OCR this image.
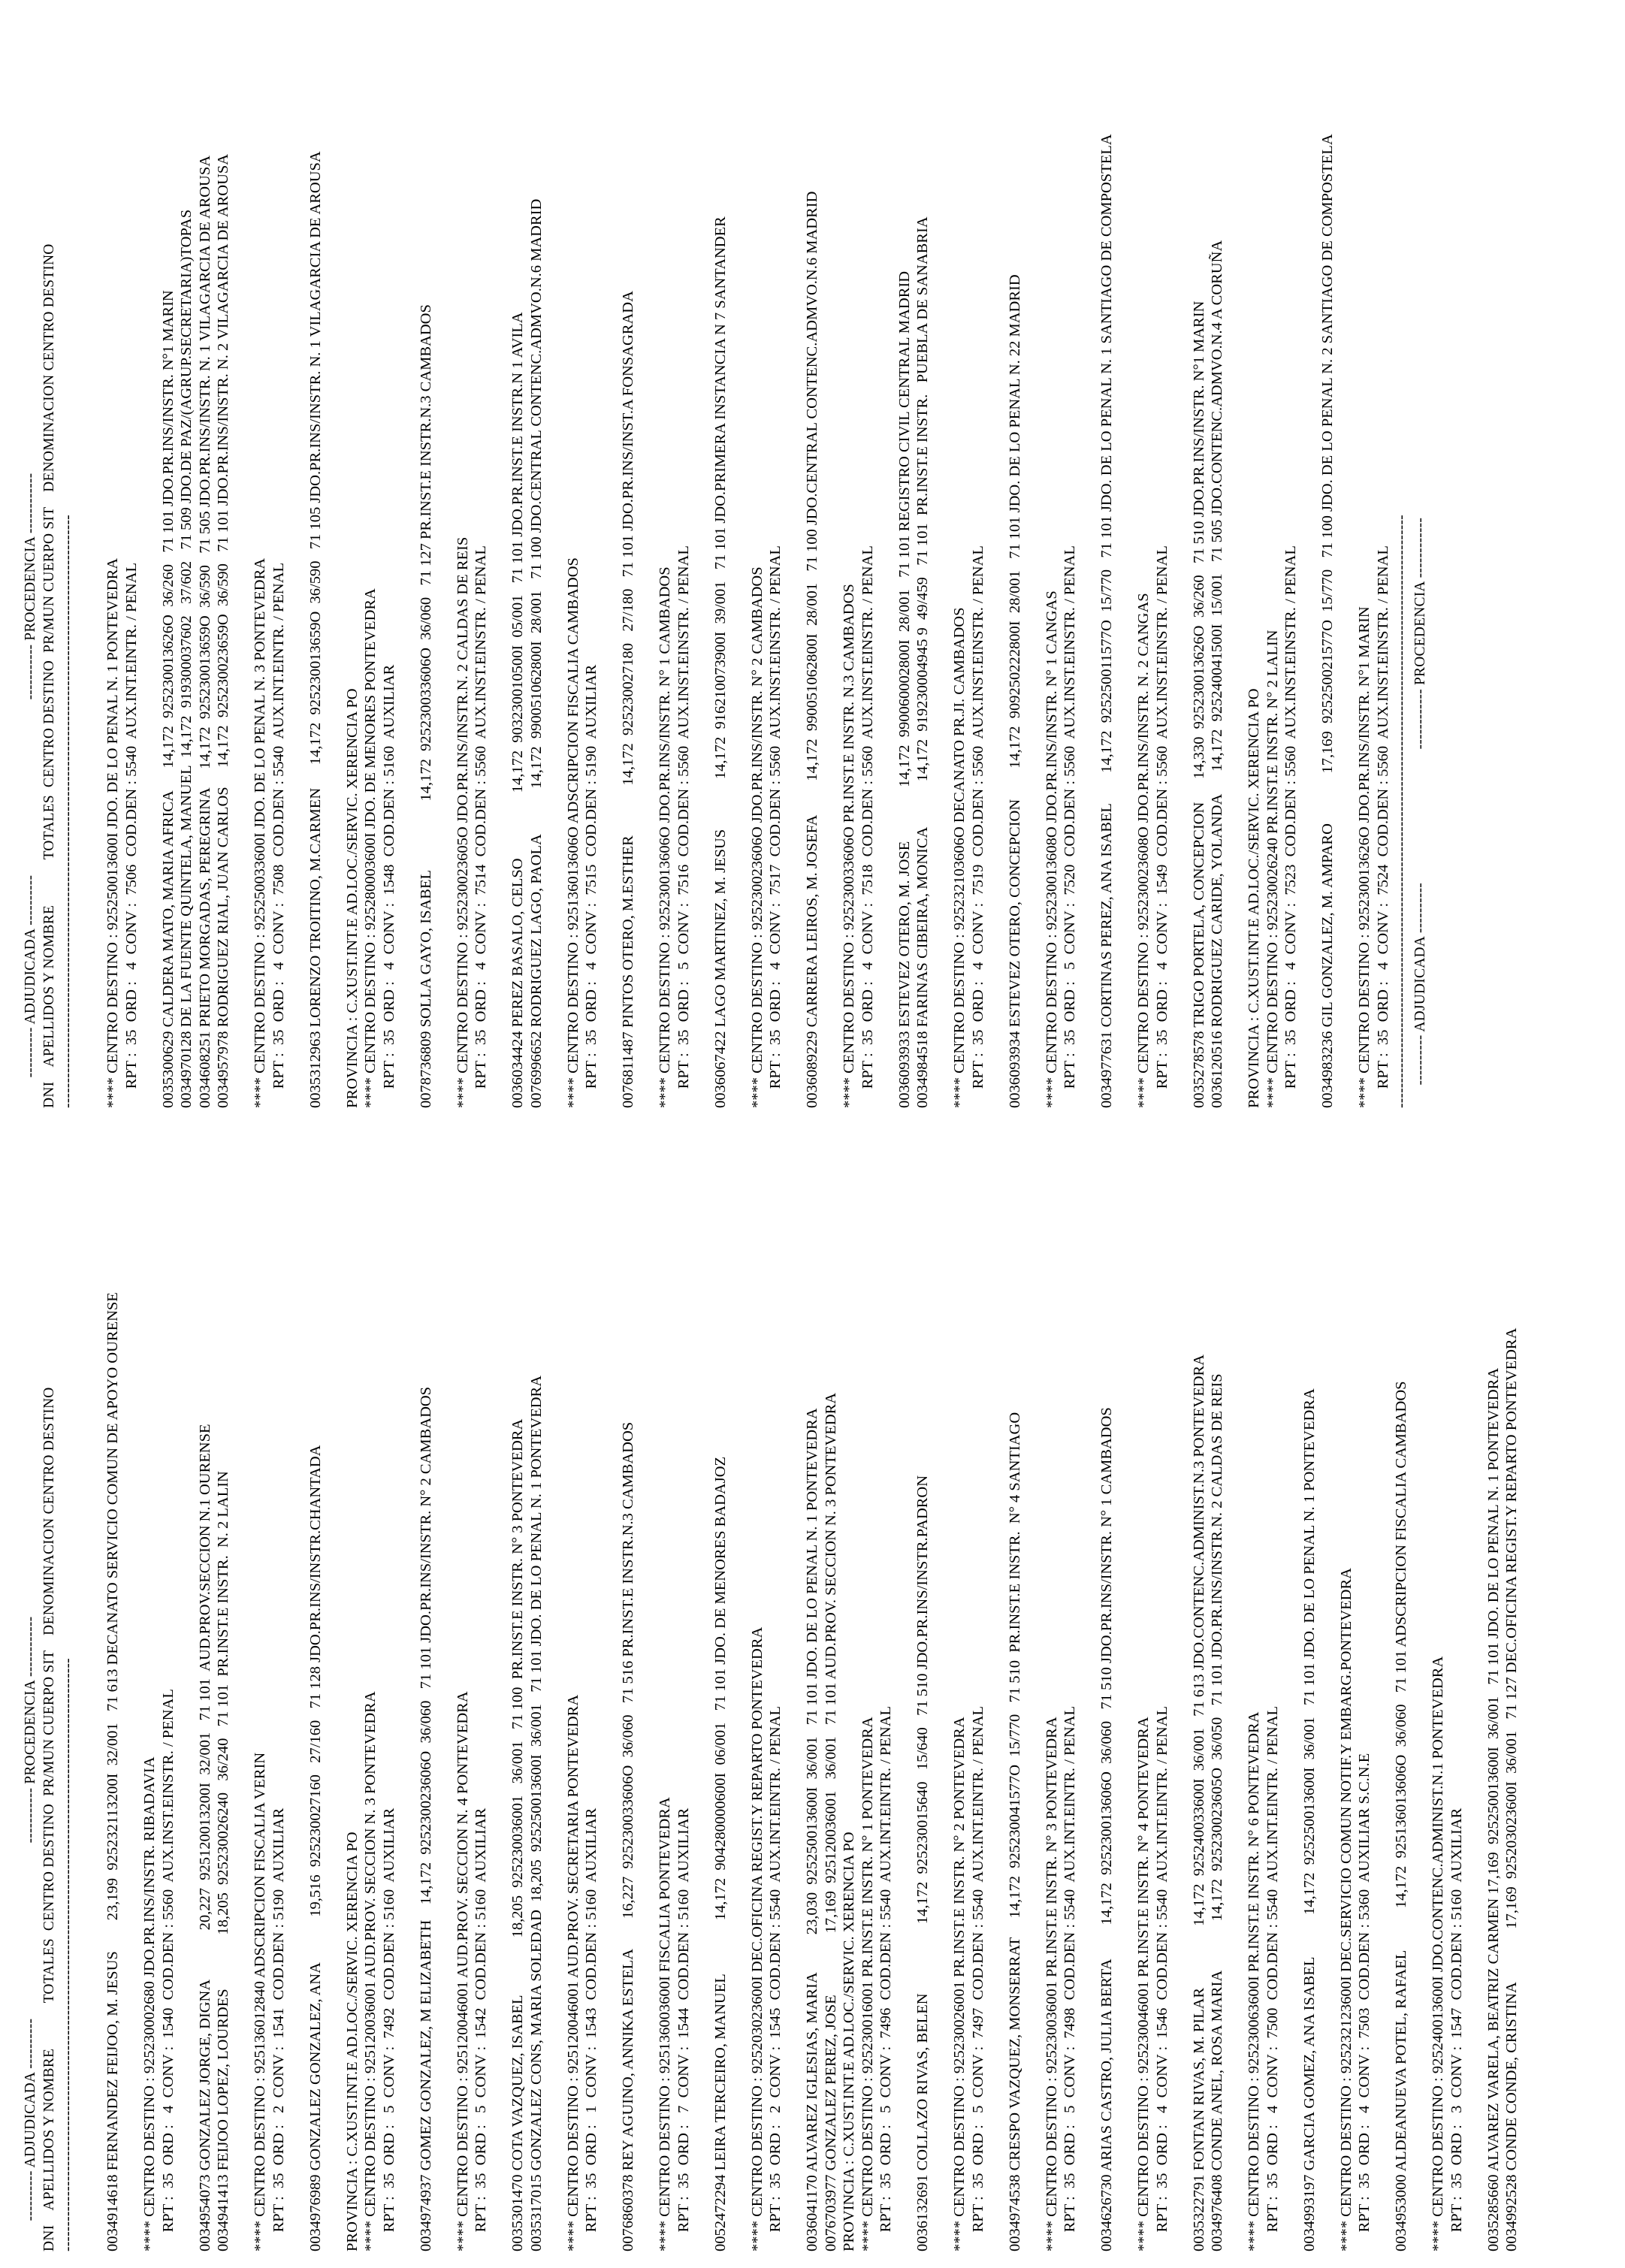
---------- ADJUDICADA ----------                                              ----------- PROCEDENCIA ------------ DNI    APELLIDOS Y NOMBRE            TOTALES  CENTRO DESTINO  PR/MUN CUERPO SIT    DENOMINACION CENTRO DESTINO ---------------------------------------------------------------------------------------------------------------------- 0034914618 FERNANDEZ FEIJOO, M. JESUS        23,199  925232113200I  32/001   71 613 DECANATO SERVICIO COMUN DE APOYO OURENSE **** CENTRO DESTINO : 925230002680 JDO.PR.INS/INSTR. RIBADAVIA RPT :  35  ORD :   4  CONV :  1540  COD.DEN : 5560  AUX.INST.EINSTR. / PENAL 0034954073 GONZALEZ JORGE, DIGNA             20,227  925120013200I  32/001   71 101  AUD.PROV.SECCION N.1 OURENSE 0034941413 FEIJOO LOPEZ, LOURDES              18,205  925230026240   36/240   71 101  PR.INST.E INSTR.  N. 2 LALIN **** CENTRO DESTINO : 925136012840 ADSCRIPCION FISCALIA VERIN RPT :  35  ORD :   2  CONV :  1541  COD.DEN : 5190  AUXILIAR 0034976989 GONZALEZ GONZALEZ, ANA            19,516  925230027160   27/160   71 128 JDO.PR.INS/INSTR.CHANTADA PROVINCIA : C.XUST.INT.E AD.LOC./SERVIC. XERENCIA PO **** CENTRO DESTINO : 925120036001 AUD.PROV. SECCION N. 3 PONTEVEDRA RPT :  35  ORD :   5  CONV :  7492  COD.DEN : 5160  AUXILIAR 0034974937 GOMEZ GONZALEZ, M ELIZABETH    14,172  925230023606O  36/060   71 101 JDO.PR.INS/INSTR. N° 2 CAMBADOS **** CENTRO DESTINO : 925120046001 AUD.PROV. SECCION N. 4 PONTEVEDRA RPT :  35  ORD :   5  CONV :  1542  COD.DEN : 5160  AUXILIAR 0035301470 COTA VAZQUEZ, ISABEL               18,205  925230036001   36/001   71 100  PR.INST.E INSTR. N° 3 PONTEVEDRA 0035317015 GONZALEZ CONS, MARIA SOLEDAD  18,205  925250013600I  36/001   71 101 JDO. DE LO PENAL N. 1 PONTEVEDRA **** CENTRO DESTINO : 925120046001 AUD.PROV. SECRETARIA PONTEVEDRA RPT :  35  ORD :   1  CONV :  1543  COD.DEN : 5160  AUXILIAR 0076860378 REY AGUINO, ANNIKA ESTELA        16,227  925230033606O  36/060   71 516 PR.INST.E INSTR.N.3 CAMBADOS **** CENTRO DESTINO : 925136003600I FISCALIA PONTEVEDRA RPT :  35  ORD :   7  CONV :  1544  COD.DEN : 5160  AUXILIAR 0052472294 LEIRA TERCEIRO, MANUEL              14,172  904280000600I  06/001   71 101 JDO. DE MENORES BADAJOZ **** CENTRO DESTINO : 925203023600I DEC.OFICINA REGIST.Y REPARTO PONTEVEDRA RPT :  35  ORD :   2  CONV :  1545  COD.DEN : 5540  AUX.INT.EINTR. / PENAL 0036041170 ALVAREZ IGLESIAS, MARIA          23,030  925250013600I  36/001   71 101 JDO. DE LO PENAL N. 1 PONTEVEDRA 0076703977 GONZALEZ PEREZ, JOSE                17,169  925120036001   36/001   71 101 AUD.PROV. SECCION N. 3 PONTEVEDRA PROVINCIA : C.XUST.INT.E AD.LOC./SERVIC. XERENCIA PO **** CENTRO DESTINO : 925230016001 PR.INST.E INSTR. N° 1 PONTEVEDRA RPT :  35  ORD :   5  CONV :  7496  COD.DEN : 5540  AUX.INT.EINTR. / PENAL 0036132691 COLLAZO RIVAS, BELEN                  14,172  925230015640   15/640   71 510 JDO.PR.INS/INSTR.PADRON **** CENTRO DESTINO : 925230026001 PR.INST.E INSTR. N° 2 PONTEVEDRA RPT :  35  ORD :   5  CONV :  7497  COD.DEN : 5540  AUX.INT.EINTR. / PENAL 0034974538 CRESPO VAZQUEZ, MONSERRAT     14,172  925230041577O  15/770   71 510  PR.INST.E INSTR.  N° 4 SANTIAGO **** CENTRO DESTINO : 925230036001 PR.INST.E INSTR. N° 3 PONTEVEDRA RPT :  35  ORD :   5  CONV :  7498  COD.DEN : 5540  AUX.INT.EINTR. / PENAL 0034626730 ARIAS CASTRO, JULIA BERTA         14,172  925230013606O  36/060   71 510 JDO.PR.INS/INSTR. N° 1 CAMBADOS **** CENTRO DESTINO : 925230046001 PR.INST.E INSTR. N° 4 PONTEVEDRA RPT :  35  ORD :   4  CONV :  1546  COD.DEN : 5540  AUX.INT.EINTR. / PENAL 0035322791 FONTAN RIVAS, M. PILAR                14,172  925240033600I  36/001   71 613 JDO.CONTENC.ADMINIST.N.3 PONTEVEDRA 0034976408 CONDE ANEL, ROSA MARIA             14,172  925230023605O  36/050   71 101 JDO.PR.INS/INSTR.N. 2 CALDAS DE REIS **** CENTRO DESTINO : 925230063600I PR.INST.E INSTR. N° 6 PONTEVEDRA RPT :  35  ORD :   4  CONV :  7500  COD.DEN : 5540  AUX.INT.EINTR. / PENAL 0034993197 GARCIA GOMEZ, ANA ISABEL           14,172  925250013600I  36/001   71 101 JDO. DE LO PENAL N. 1 PONTEVEDRA **** CENTRO DESTINO : 925232123600I DEC.SERVICIO COMUN NOTIF.Y EMBARG.PONTEVEDRA RPT :  35  ORD :   4  CONV :  7503  COD.DEN : 5360  AUXILIAR S.C.N.E 0034953000 ALDEANUEVA POTEL, RAFAEL           14,172  925136013606O  36/060   71 101 ADSCRIPCION FISCALIA CAMBADOS **** CENTRO DESTINO : 925240013600I JDO.CONTENC.ADMINIST.N.1 PONTEVEDRA RPT :  35  ORD :   3  CONV :  1547  COD.DEN : 5160  AUXILIAR 0035285660 ALVAREZ VARELA, BEATRIZ CARMEN 17,169  925250013600I  36/001   71 101 JDO. DE LO PENAL N. 1 PONTEVEDRA 0034992528 CONDE CONDE, CRISTINA              17,169  925203023600I  36/001   71 127 DEC.OFICINA REGIST.Y REPARTO PONTEVEDRA
---------- ADJUDICADA ----------                                              ----------- PROCEDENCIA ------------ DNI    APELLIDOS Y NOMBRE            TOTALES  CENTRO DESTINO  PR/MUN CUERPO SIT    DENOMINACION CENTRO DESTINO ---------------------------------------------------------------------------------------------------------------------- **** CENTRO DESTINO : 925250013600I JDO. DE LO PENAL N. 1 PONTEVEDRA RPT :  35  ORD :   4  CONV :  7506  COD.DEN : 5540  AUX.INT.EINTR. / PENAL 0035300629 CALDERA MATO, MARIA AFRICA      14,172  925230013626O  36/260   71 101 JDO.PR.INS/INSTR. N°1 MARIN 0034970128 DE LA FUENTE QUINTELA, MANUEL  14,172  919300037602   37/602   71 509 JDO.DE PAZ/(AGRUP.SECRETARIA)TOPAS 0034608251 PRIETO MORGADAS, PEREGRINA     14,172  925230013659O  36/590   71 505 JDO.PR.INS/INSTR. N. 1 VILAGARCIA DE AROUSA 0034957978 RODRIGUEZ RIAL, JUAN CARLOS     14,172  925230023659O  36/590   71 101 JDO.PR.INS/INSTR. N. 2 VILAGARCIA DE AROUSA **** CENTRO DESTINO : 925250033600I JDO. DE LO PENAL N. 3 PONTEVEDRA RPT :  35  ORD :   4  CONV :  7508  COD.DEN : 5540  AUX.INT.EINTR. / PENAL 0035312963 LORENZO TROITINO, M.CARMEN      14,172  925230013659O  36/590   71 105 JDO.PR.INS/INSTR. N. 1 VILAGARCIA DE AROUSA PROVINCIA : C.XUST.INT.E AD.LOC./SERVIC. XERENCIA PO **** CENTRO DESTINO : 925280003600I JDO. DE MENORES PONTEVEDRA RPT :  35  ORD :   4  CONV :  1548  COD.DEN : 5160  AUXILIAR 0078736809 SOLLA GAYO, ISABEL                  14,172  925230033606O  36/060   71 127 PR.INST.E INSTR.N.3 CAMBADOS **** CENTRO DESTINO : 925230023605O JDO.PR.INS/INSTR.N. 2 CALDAS DE REIS RPT :  35  ORD :   4  CONV :  7514  COD.DEN : 5560  AUX.INST.EINSTR. / PENAL 0036034424 PEREZ BASALO, CELSO                 14,172  903230010500I  05/001   71 101 JDO.PR.INST.E INSTR.N 1 AVILA 0076996652 RODRIGUEZ LAGO, PAOLA            14,172  990051062800I  28/001   71 100 JDO.CENTRAL CONTENC.ADMVO.N.6 MADRID **** CENTRO DESTINO : 925136013606O ADSCRIPCION FISCALIA CAMBADOS RPT :  35  ORD :   4  CONV :  7515  COD.DEN : 5190  AUXILIAR 0076811487 PINTOS OTERO, M.ESTHER             14,172  925230027180   27/180   71 101 JDO.PR.INS/INST.A FONSAGRADA **** CENTRO DESTINO : 925230013606O JDO.PR.INS/INSTR. N° 1 CAMBADOS RPT :  35  ORD :   5  CONV :  7516  COD.DEN : 5560  AUX.INST.EINSTR. / PENAL 0036067422 LAGO MARTINEZ, M. JESUS             14,172  916210073900I  39/001   71 101 JDO.PRIMERA INSTANCIA N 7 SANTANDER **** CENTRO DESTINO : 925230023606O JDO.PR.INS/INSTR. N° 2 CAMBADOS RPT :  35  ORD :   4  CONV :  7517  COD.DEN : 5560  AUX.INST.EINSTR. / PENAL 0036089229 CARRERA LEIROS, M. JOSEFA         14,172  990051062800I  28/001   71 100 JDO.CENTRAL CONTENC.ADMVO.N.6 MADRID **** CENTRO DESTINO : 925230033606O PR.INST.E INSTR. N.3 CAMBADOS RPT :  35  ORD :   4  CONV :  7518  COD.DEN : 5560  AUX.INST.EINSTR. / PENAL 0036093933 ESTEVEZ OTERO, M. JOSE              14,172  990060002800I  28/001   71 101 REGISTRO CIVIL CENTRAL MADRID 0034984518 FARINAS CIBEIRA, MONICA            14,172  919230004945 9  49/459   71 101  PR.INST.E INSTR.   PUEBLA DE SANABRIA **** CENTRO DESTINO : 925232103606O DECANATO PR.JI. CAMBADOS RPT :  35  ORD :   4  CONV :  7519  COD.DEN : 5560  AUX.INST.EINSTR. / PENAL 0036093934 ESTEVEZ OTERO, CONCEPCION        14,172  909250222800I  28/001   71 101 JDO. DE LO PENAL N. 22 MADRID **** CENTRO DESTINO : 925230013608O JDO.PR.INS/INSTR. N° 1 CANGAS RPT :  35  ORD :   5  CONV :  7520  COD.DEN : 5560  AUX.INST.EINSTR. / PENAL 0034977631 CORTINAS PEREZ, ANA ISABEL        14,172  925250011577O  15/770   71 101 JDO. DE LO PENAL N. 1 SANTIAGO DE COMPOSTELA **** CENTRO DESTINO : 925230023608O JDO.PR.INS/INSTR. N. 2 CANGAS RPT :  35  ORD :   4  CONV :  1549  COD.DEN : 5560  AUX.INST.EINSTR. / PENAL 0035278578 TRIGO PORTELA, CONCEPCION      14,330  925230013626O  36/260   71 510 JDO.PR.INS/INSTR. N°1 MARIN 0036120516 RODRIGUEZ CARIDE, YOLANDA      14,172  925240041500I  15/001   71 505 JDO.CONTENC.ADMVO.N.4 A CORUÑA PROVINCIA : C.XUST.INT.E AD.LOC./SERVIC. XERENCIA PO **** CENTRO DESTINO : 925230026240 PR.INST.E INSTR. N° 2 LALIN RPT :  35  ORD :   4  CONV :  7523  COD.DEN : 5560  AUX.INST.EINSTR. / PENAL 0034983236 GIL GONZALEZ, M. AMPARO             17,169  925250021577O  15/770   71 100 JDO. DE LO PENAL N. 2 SANTIAGO DE COMPOSTELA **** CENTRO DESTINO : 925230013626O JDO.PR.INS/INSTR. N°1 MARIN RPT :  35  ORD :   4  CONV :  7524  COD.DEN : 5560  AUX.INST.EINSTR. / PENAL ---------------------------------------------------------------------------------------------------------------------- ---------- ADJUDICADA ----------                                   ------------ PROCEDENCIA ------------
